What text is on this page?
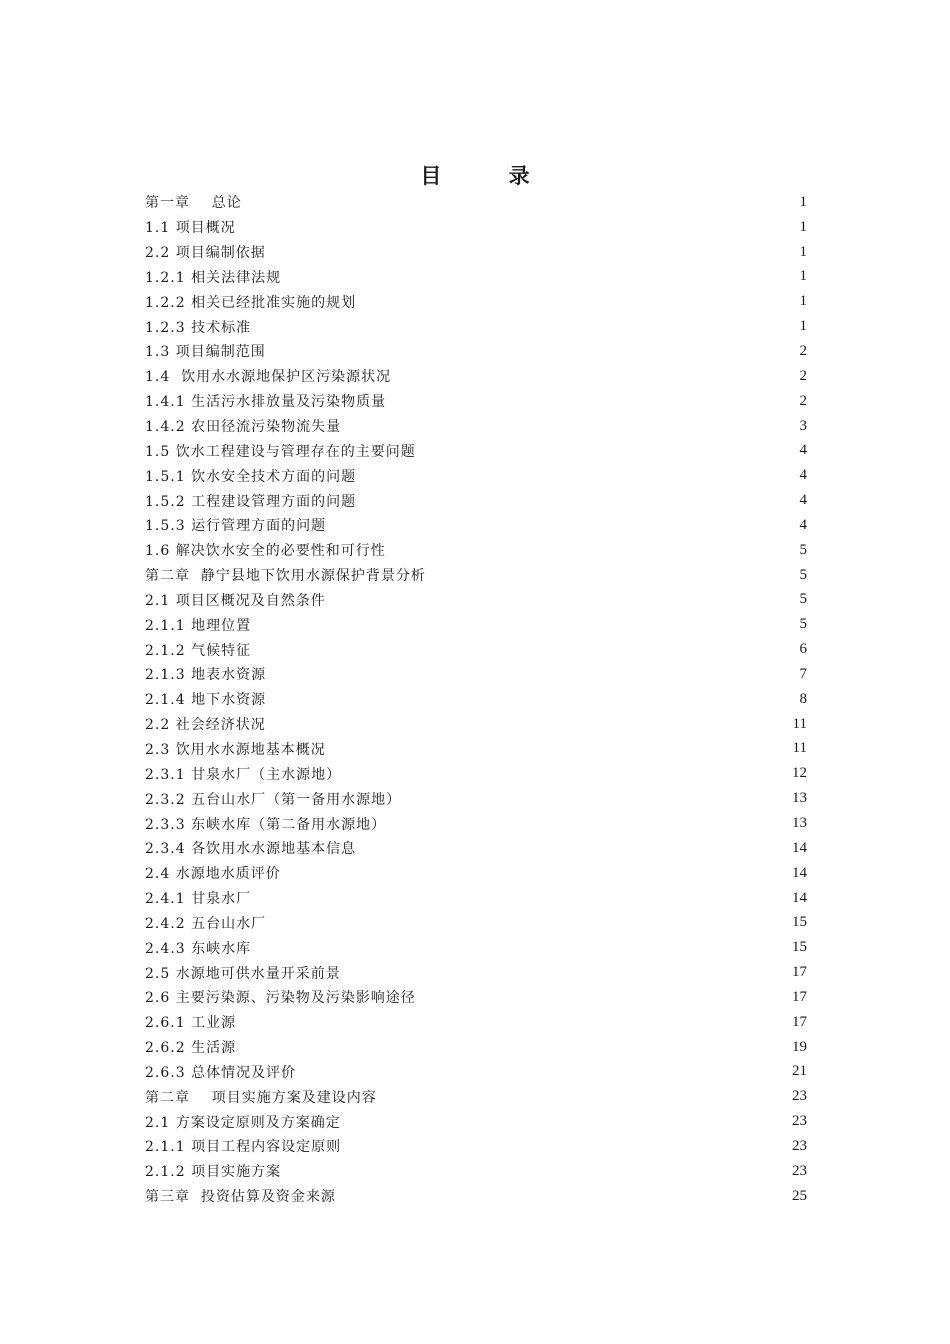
目 录
第一章    总论	1
1.1 项目概况	1
2.2 项目编制依据	1
1.2.1 相关法律法规	1
1.2.2 相关已经批准实施的规划	1
1.2.3 技术标准	1
1.3 项目编制范围	2
1.4  饮用水水源地保护区污染源状况	2
1.4.1 生活污水排放量及污染物质量	2
1.4.2 农田径流污染物流失量	3
1.5 饮水工程建设与管理存在的主要问题	4
1.5.1 饮水安全技术方面的问题	4
1.5.2 工程建设管理方面的问题	4
1.5.3 运行管理方面的问题	4
1.6 解决饮水安全的必要性和可行性	5
第二章  静宁县地下饮用水源保护背景分析	5
2.1 项目区概况及自然条件	5
2.1.1 地理位置	5
2.1.2 气候特征	6
2.1.3 地表水资源	7
2.1.4 地下水资源	8
2.2 社会经济状况	11
2.3 饮用水水源地基本概况	11
2.3.1 甘泉水厂（主水源地）	12
2.3.2 五台山水厂（第一备用水源地）	13
2.3.3 东峡水库（第二备用水源地）	13
2.3.4 各饮用水水源地基本信息	14
2.4 水源地水质评价	14
2.4.1 甘泉水厂	14
2.4.2 五台山水厂	15
2.4.3 东峡水库	15
2.5 水源地可供水量开采前景	17
2.6 主要污染源、污染物及污染影响途径	17
2.6.1 工业源	17
2.6.2 生活源	19
2.6.3 总体情况及评价	21
第二章    项目实施方案及建设内容	23
2.1 方案设定原则及方案确定	23
2.1.1 项目工程内容设定原则	23
2.1.2 项目实施方案	23
第三章  投资估算及资金来源	25
